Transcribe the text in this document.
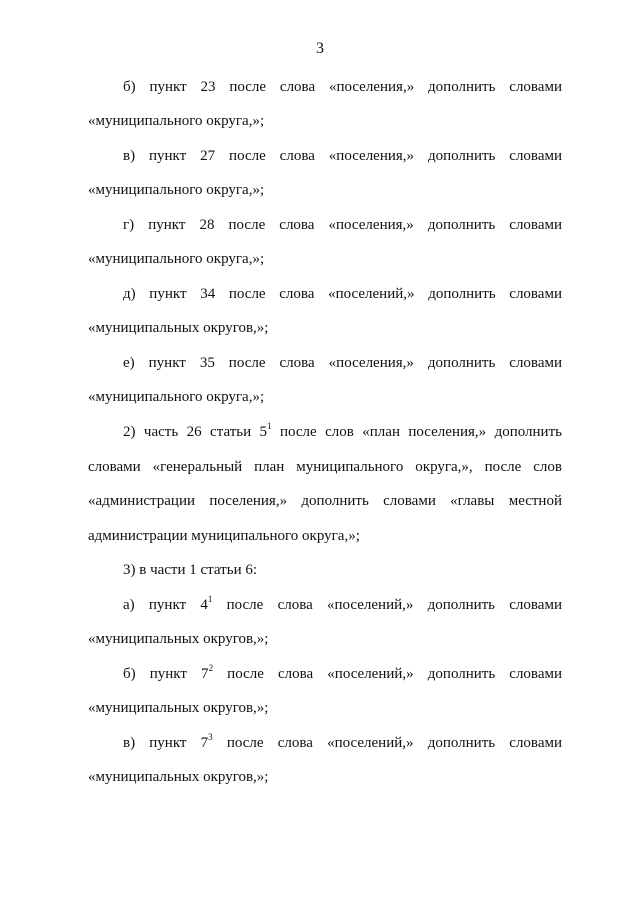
3
б) пункт 23 после слова «поселения,» дополнить словами
«муниципального округа,»;
в) пункт 27 после слова «поселения,» дополнить словами
«муниципального округа,»;
г) пункт 28 после слова «поселения,» дополнить словами
«муниципального округа,»;
д) пункт 34 после слова «поселений,» дополнить словами
«муниципальных округов,»;
е) пункт 35 после слова «поселения,» дополнить словами
«муниципального округа,»;
2) часть 26 статьи $5^1$ после слов «план поселения,» дополнить
словами «генеральный план муниципального округа,», после слов
«администрации поселения,» дополнить словами «главы местной
администрации муниципального округа,»;
3) в части 1 статьи 6:
а) пункт $4^1$ после слова «поселений,» дополнить словами
«муниципальных округов,»;
б) пункт $7^2$ после слова «поселений,» дополнить словами
«муниципальных округов,»;
в) пункт $7^3$ после слова «поселений,» дополнить словами
«муниципальных округов,»;
